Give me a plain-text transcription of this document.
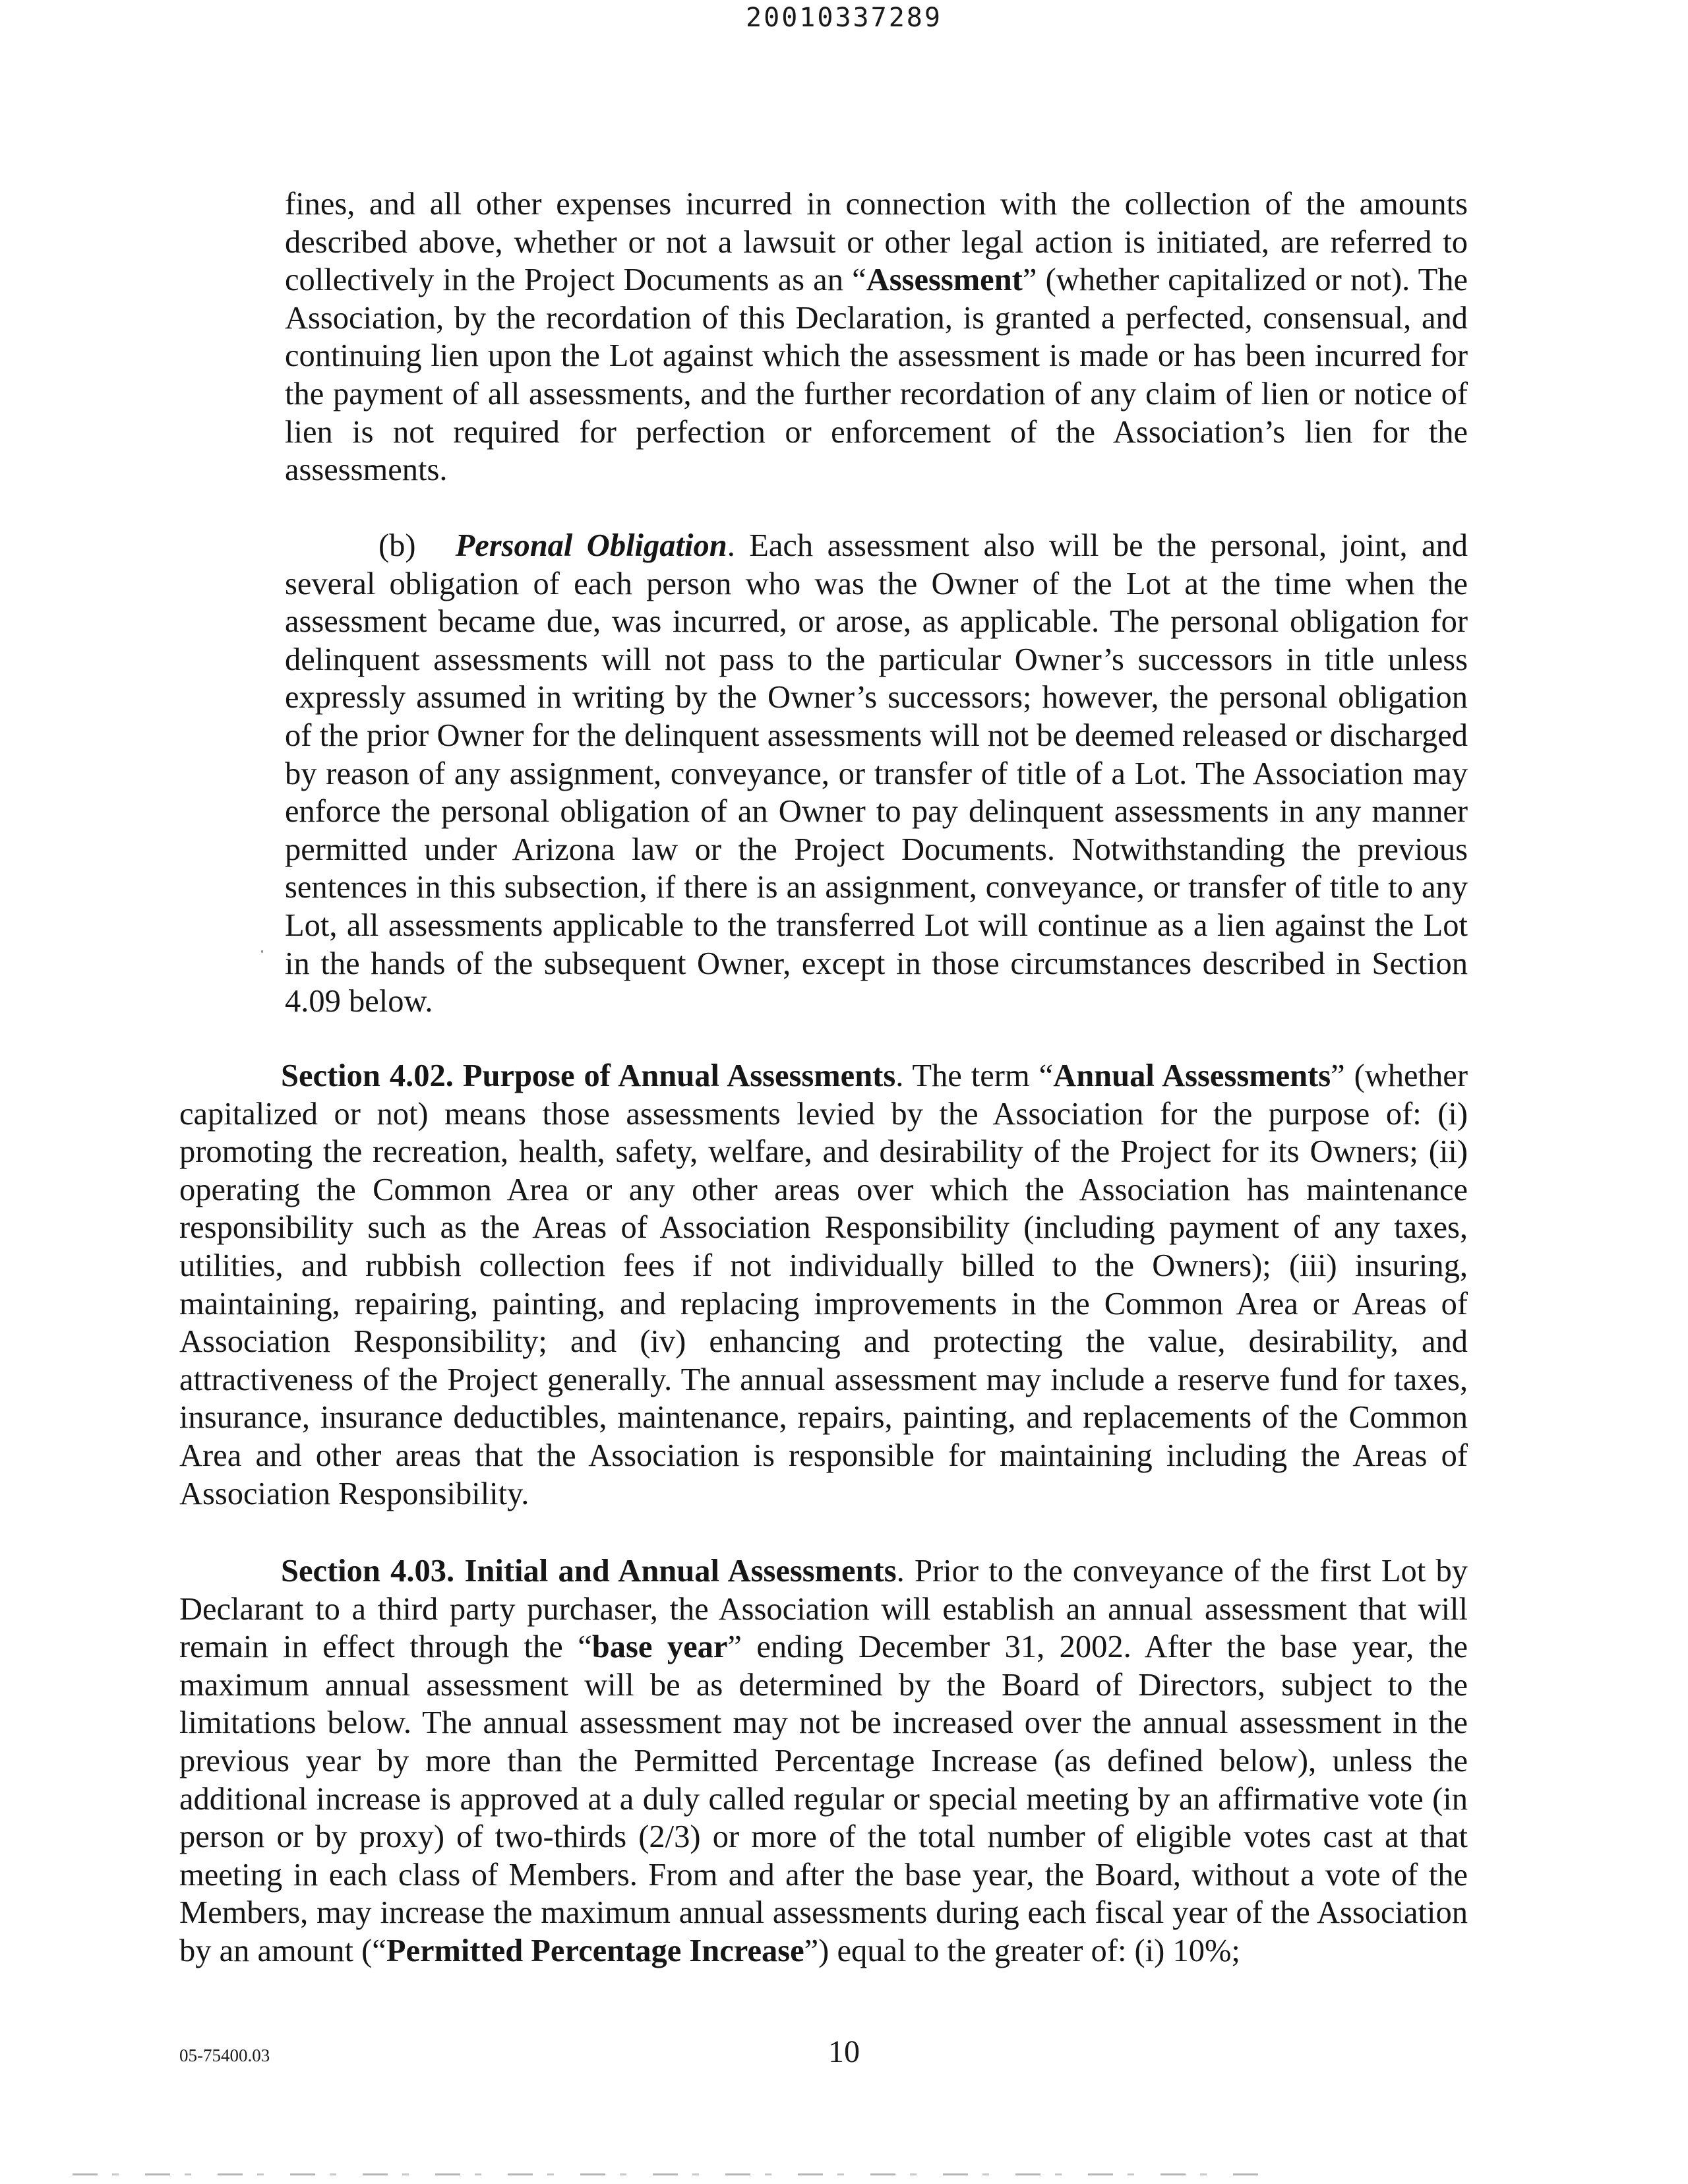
20010337289

fines, and all other expenses incurred in connection with the collection of the amounts described above, whether or not a lawsuit or other legal action is initiated, are referred to collectively in the Project Documents as an “Assessment” (whether capitalized or not). The Association, by the recordation of this Declaration, is granted a perfected, consensual, and continuing lien upon the Lot against which the assessment is made or has been incurred for the payment of all assessments, and the further recordation of any claim of lien or notice of lien is not required for perfection or enforcement of the Association’s lien for the assessments.

(b) Personal Obligation. Each assessment also will be the personal, joint, and several obligation of each person who was the Owner of the Lot at the time when the assessment became due, was incurred, or arose, as applicable. The personal obligation for delinquent assessments will not pass to the particular Owner’s successors in title unless expressly assumed in writing by the Owner’s successors; however, the personal obligation of the prior Owner for the delinquent assessments will not be deemed released or discharged by reason of any assignment, conveyance, or transfer of title of a Lot. The Association may enforce the personal obligation of an Owner to pay delinquent assessments in any manner permitted under Arizona law or the Project Documents. Notwithstanding the previous sentences in this subsection, if there is an assignment, conveyance, or transfer of title to any Lot, all assessments applicable to the transferred Lot will continue as a lien against the Lot in the hands of the subsequent Owner, except in those circumstances described in Section 4.09 below.

Section 4.02. Purpose of Annual Assessments. The term “Annual Assessments” (whether capitalized or not) means those assessments levied by the Association for the purpose of: (i) promoting the recreation, health, safety, welfare, and desirability of the Project for its Owners; (ii) operating the Common Area or any other areas over which the Association has maintenance responsibility such as the Areas of Association Responsibility (including payment of any taxes, utilities, and rubbish collection fees if not individually billed to the Owners); (iii) insuring, maintaining, repairing, painting, and replacing improvements in the Common Area or Areas of Association Responsibility; and (iv) enhancing and protecting the value, desirability, and attractiveness of the Project generally. The annual assessment may include a reserve fund for taxes, insurance, insurance deductibles, maintenance, repairs, painting, and replacements of the Common Area and other areas that the Association is responsible for maintaining including the Areas of Association Responsibility.

Section 4.03. Initial and Annual Assessments. Prior to the conveyance of the first Lot by Declarant to a third party purchaser, the Association will establish an annual assessment that will remain in effect through the “base year” ending December 31, 2002. After the base year, the maximum annual assessment will be as determined by the Board of Directors, subject to the limitations below. The annual assessment may not be increased over the annual assessment in the previous year by more than the Permitted Percentage Increase (as defined below), unless the additional increase is approved at a duly called regular or special meeting by an affirmative vote (in person or by proxy) of two-thirds (2/3) or more of the total number of eligible votes cast at that meeting in each class of Members. From and after the base year, the Board, without a vote of the Members, may increase the maximum annual assessments during each fiscal year of the Association by an amount (“Permitted Percentage Increase”) equal to the greater of: (i) 10%;

05-75400.03	10
